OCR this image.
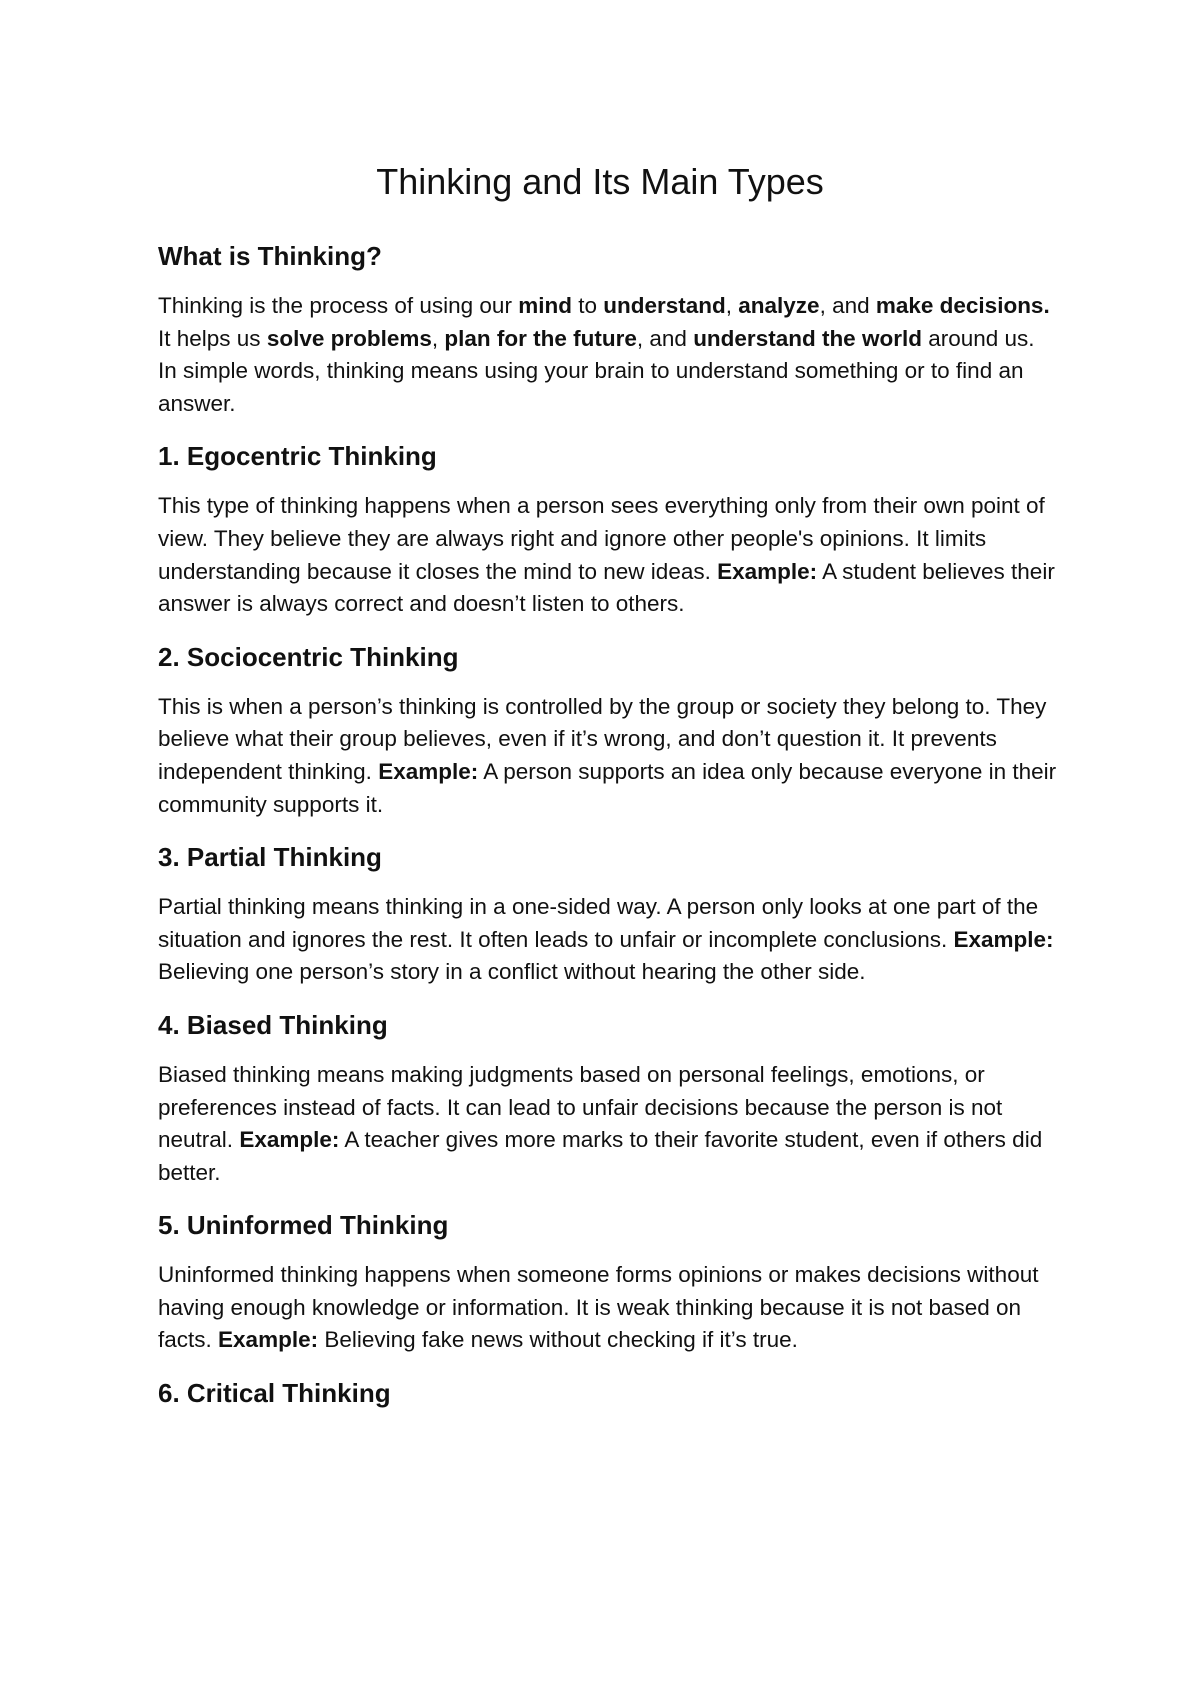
Thinking and Its Main Types
What is Thinking?

Thinking is the process of using our mind to understand, analyze, and make decisions. It helps us solve problems, plan for the future, and understand the world around us. In simple words, thinking means using your brain to understand something or to find an answer.

1. Egocentric Thinking

This type of thinking happens when a person sees everything only from their own point of view. They believe they are always right and ignore other people's opinions. It limits understanding because it closes the mind to new ideas. Example: A student believes their answer is always correct and doesn’t listen to others.

2. Sociocentric Thinking

This is when a person’s thinking is controlled by the group or society they belong to. They believe what their group believes, even if it’s wrong, and don’t question it. It prevents independent thinking. Example: A person supports an idea only because everyone in their community supports it.

3. Partial Thinking

Partial thinking means thinking in a one-sided way. A person only looks at one part of the situation and ignores the rest. It often leads to unfair or incomplete conclusions. Example: Believing one person’s story in a conflict without hearing the other side.

4. Biased Thinking

Biased thinking means making judgments based on personal feelings, emotions, or preferences instead of facts. It can lead to unfair decisions because the person is not neutral. Example: A teacher gives more marks to their favorite student, even if others did better.

5. Uninformed Thinking

Uninformed thinking happens when someone forms opinions or makes decisions without having enough knowledge or information. It is weak thinking because it is not based on facts. Example: Believing fake news without checking if it’s true.

6. Critical Thinking
